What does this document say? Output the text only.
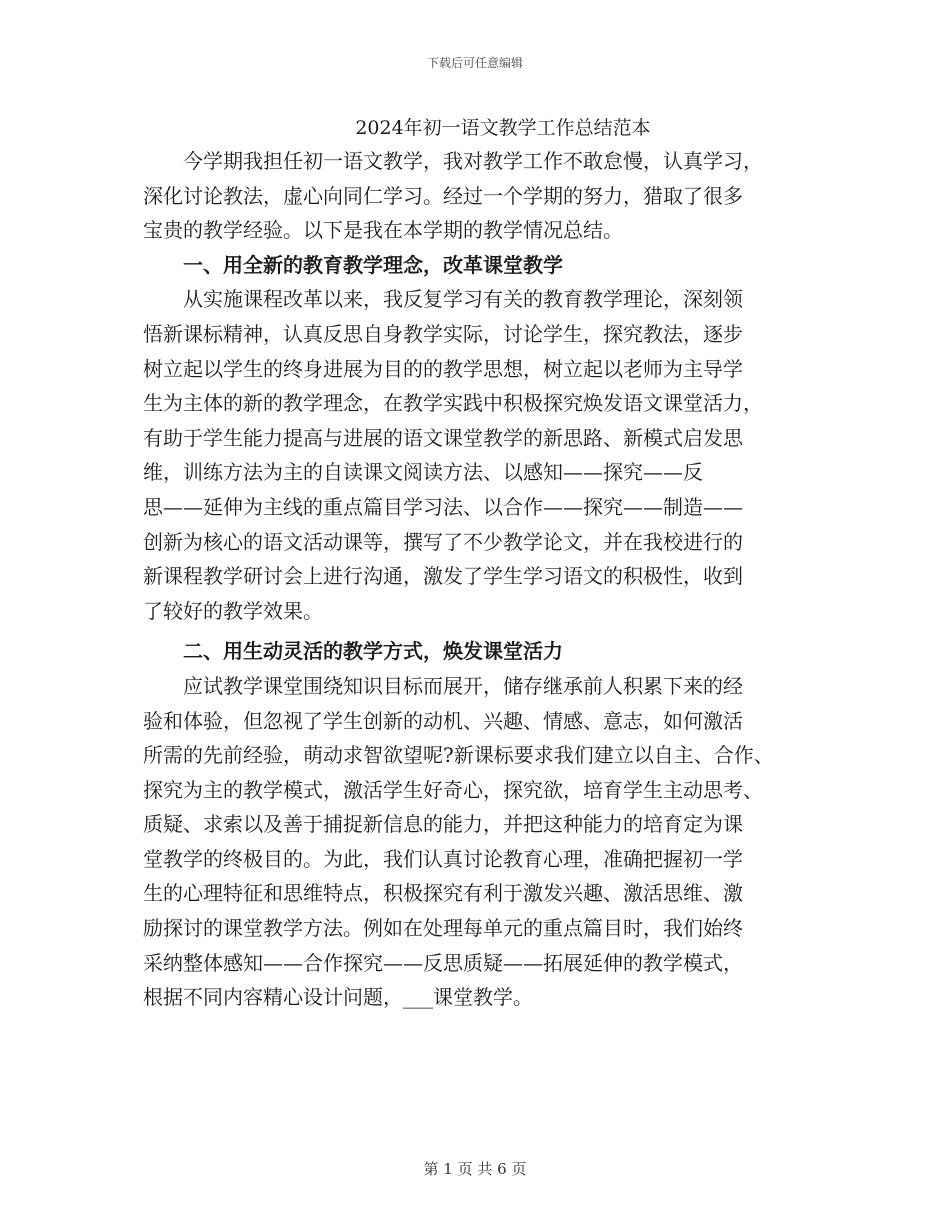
下载后可任意编辑
2024年初一语文教学工作总结范本

今学期我担任初一语文教学，我对教学工作不敢怠慢，认真学习，
深化讨论教法，虚心向同仁学习。经过一个学期的努力，猎取了很多
宝贵的教学经验。以下是我在本学期的教学情况总结。

一、用全新的教育教学理念，改革课堂教学

从实施课程改革以来，我反复学习有关的教育教学理论，深刻领
悟新课标精神，认真反思自身教学实际，讨论学生，探究教法，逐步
树立起以学生的终身进展为目的的教学思想，树立起以老师为主导学
生为主体的新的教学理念，在教学实践中积极探究焕发语文课堂活力，
有助于学生能力提高与进展的语文课堂教学的新思路、新模式启发思
维，训练方法为主的自读课文阅读方法、以感知——探究——反
思——延伸为主线的重点篇目学习法、以合作——探究——制造——
创新为核心的语文活动课等，撰写了不少教学论文，并在我校进行的
新课程教学研讨会上进行沟通，激发了学生学习语文的积极性，收到
了较好的教学效果。

二、用生动灵活的教学方式，焕发课堂活力

应试教学课堂围绕知识目标而展开，储存继承前人积累下来的经
验和体验，但忽视了学生创新的动机、兴趣、情感、意志，如何激活
所需的先前经验，萌动求智欲望呢?新课标要求我们建立以自主、合作、
探究为主的教学模式，激活学生好奇心，探究欲，培育学生主动思考、
质疑、求索以及善于捕捉新信息的能力，并把这种能力的培育定为课
堂教学的终极目的。为此，我们认真讨论教育心理，准确把握初一学
生的心理特征和思维特点，积极探究有利于激发兴趣、激活思维、激
励探讨的课堂教学方法。例如在处理每单元的重点篇目时，我们始终
采纳整体感知——合作探究——反思质疑——拓展延伸的教学模式，
根据不同内容精心设计问题，___课堂教学。

第 1 页 共 6 页
